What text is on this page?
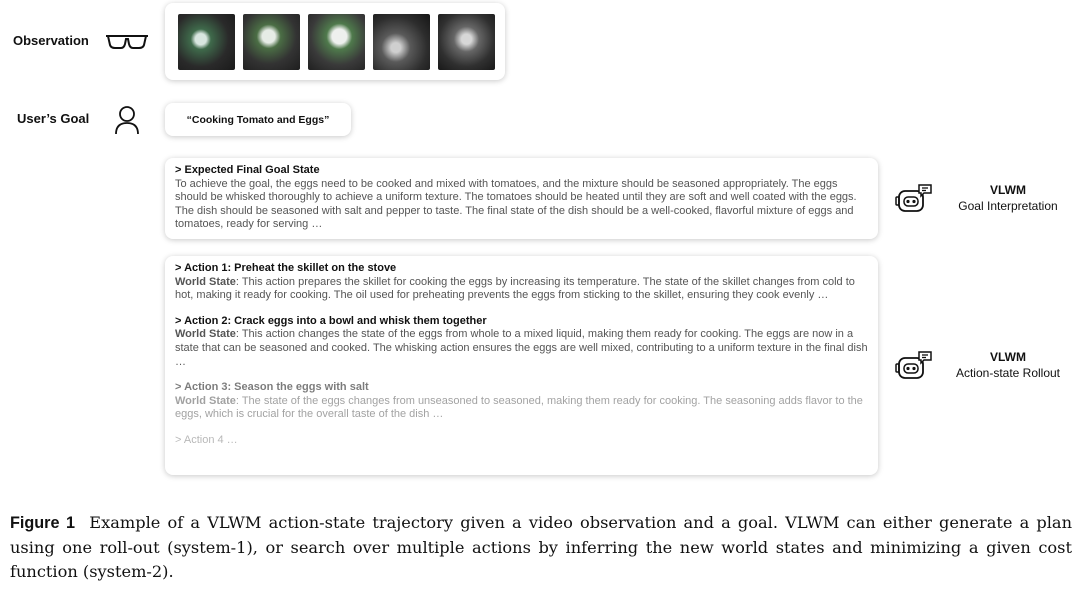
Observation
User’s Goal	“Cooking Tomato and Eggs”
> Expected Final Goal State
To achieve the goal, the eggs need to be cooked and mixed with tomatoes, and the mixture should be seasoned appropriately. The eggs should be whisked thoroughly to achieve a uniform texture. The tomatoes should be heated until they are soft and well coated with the eggs. The dish should be seasoned with salt and pepper to taste. The final state of the dish should be a well-cooked, flavorful mixture of eggs and tomatoes, ready for serving …
> Action 1: Preheat the skillet on the stove
World State: This action prepares the skillet for cooking the eggs by increasing its temperature. The state of the skillet changes from cold to hot, making it ready for cooking. The oil used for preheating prevents the eggs from sticking to the skillet, ensuring they cook evenly …
> Action 2: Crack eggs into a bowl and whisk them together
World State: This action changes the state of the eggs from whole to a mixed liquid, making them ready for cooking. The eggs are now in a state that can be seasoned and cooked. The whisking action ensures the eggs are well mixed, contributing to a uniform texture in the final dish …
> Action 3: Season the eggs with salt
World State: The state of the eggs changes from unseasoned to seasoned, making them ready for cooking. The seasoning adds flavor to the eggs, which is crucial for the overall taste of the dish …
> Action 4 …
VLWM
Goal Interpretation
VLWM
Action-state Rollout
Figure 1 Example of a VLWM action-state trajectory given a video observation and a goal. VLWM can either generate a plan using one roll-out (system-1), or search over multiple actions by inferring the new world states and minimizing a given cost function (system-2).
